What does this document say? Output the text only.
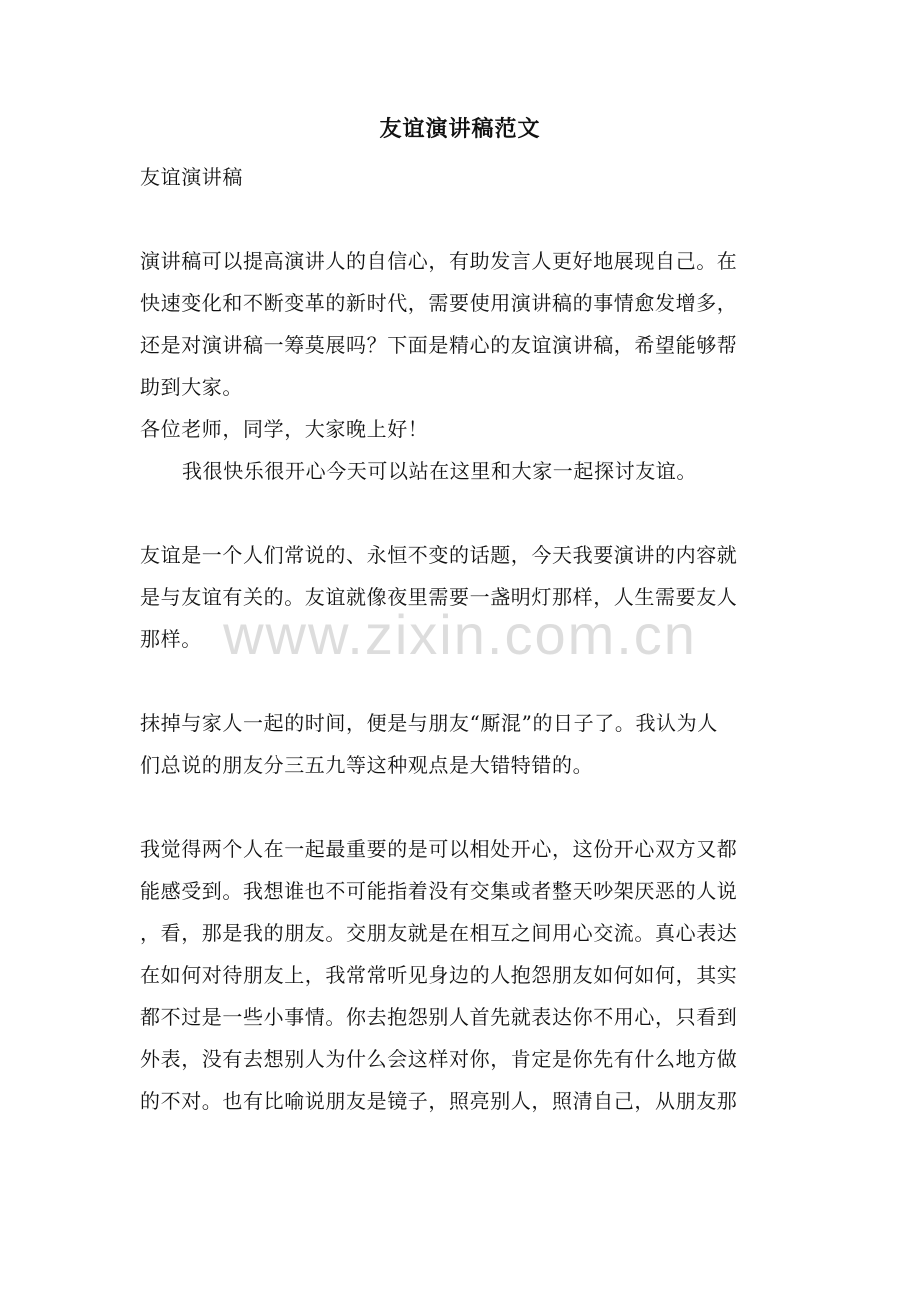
友谊演讲稿范文
友谊演讲稿
演讲稿可以提高演讲人的自信心，有助发言人更好地展现自己。在
快速变化和不断变革的新时代，需要使用演讲稿的事情愈发增多，
还是对演讲稿一筹莫展吗？下面是精心的友谊演讲稿，希望能够帮
助到大家。
各位老师，同学，大家晚上好！
我很快乐很开心今天可以站在这里和大家一起探讨友谊。
友谊是一个人们常说的、永恒不变的话题，今天我要演讲的内容就
是与友谊有关的。友谊就像夜里需要一盏明灯那样，人生需要友人
那样。
抹掉与家人一起的时间，便是与朋友“厮混”的日子了。我认为人
们总说的朋友分三五九等这种观点是大错特错的。
我觉得两个人在一起最重要的是可以相处开心，这份开心双方又都
能感受到。我想谁也不可能指着没有交集或者整天吵架厌恶的人说
，看，那是我的朋友。交朋友就是在相互之间用心交流。真心表达
在如何对待朋友上，我常常听见身边的人抱怨朋友如何如何，其实
都不过是一些小事情。你去抱怨别人首先就表达你不用心，只看到
外表，没有去想别人为什么会这样对你，肯定是你先有什么地方做
的不对。也有比喻说朋友是镜子，照亮别人，照清自己，从朋友那
www.zixin.com.cn
